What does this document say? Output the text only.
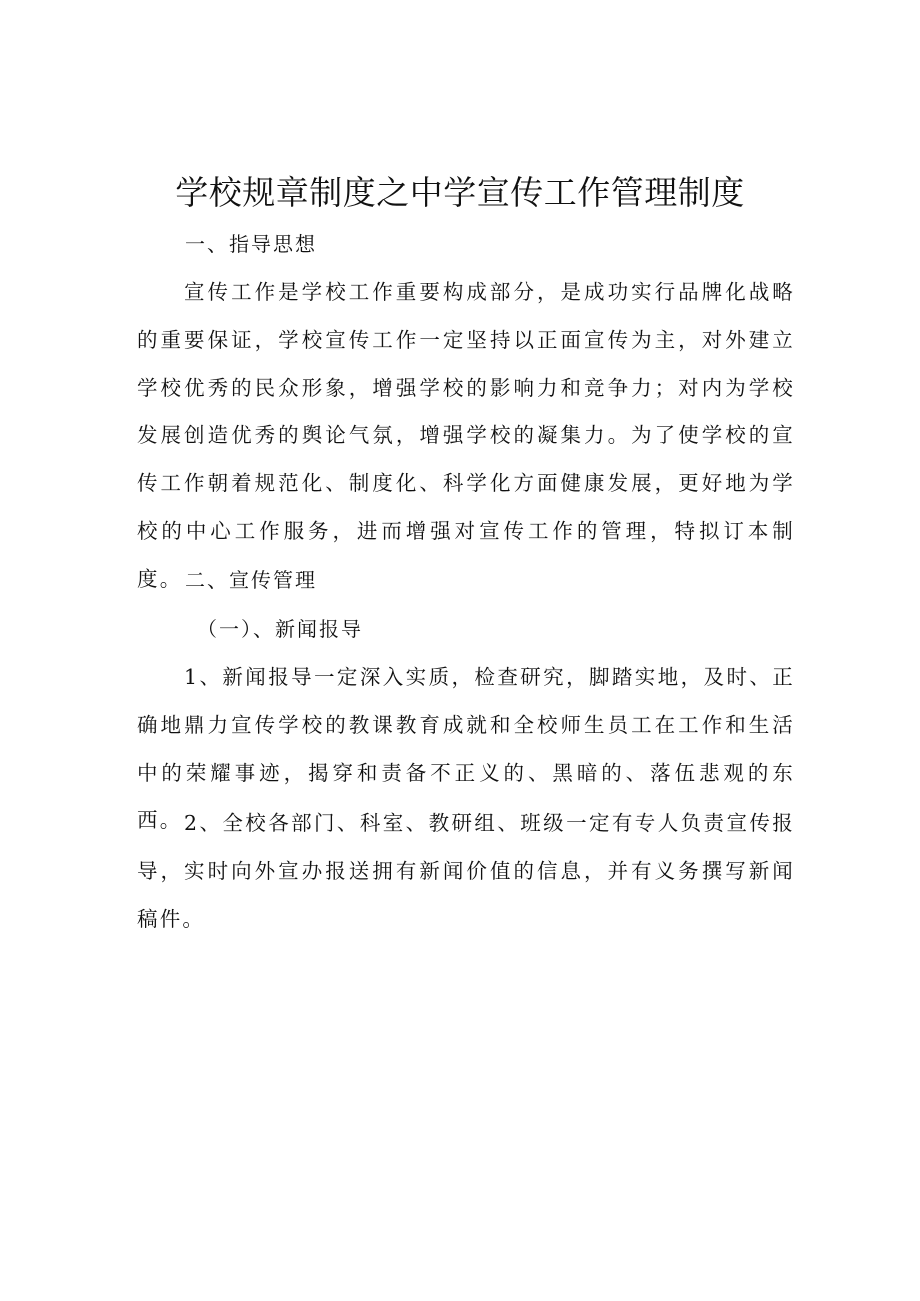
学校规章制度之中学宣传工作管理制度
一、指导思想

宣传工作是学校工作重要构成部分，是成功实行品牌化战略的重要保证，学校宣传工作一定坚持以正面宣传为主，对外建立学校优秀的民众形象，增强学校的影响力和竞争力；对内为学校发展创造优秀的舆论气氛，增强学校的凝集力。为了使学校的宣传工作朝着规范化、制度化、科学化方面健康发展，更好地为学校的中心工作服务，进而增强对宣传工作的管理，特拟订本制度。 二、宣传管理
（一）、新闻报导

1、新闻报导一定深入实质，检查研究，脚踏实地，及时、正确地鼎力宣传学校的教课教育成就和全校师生员工在工作和生活中的荣耀事迹，揭穿和责备不正义的、黑暗的、落伍悲观的东西。 2、全校各部门、科室、教研组、班级一定有专人负责宣传报导，实时向外宣办报送拥有新闻价值的信息，并有义务撰写新闻稿件。
